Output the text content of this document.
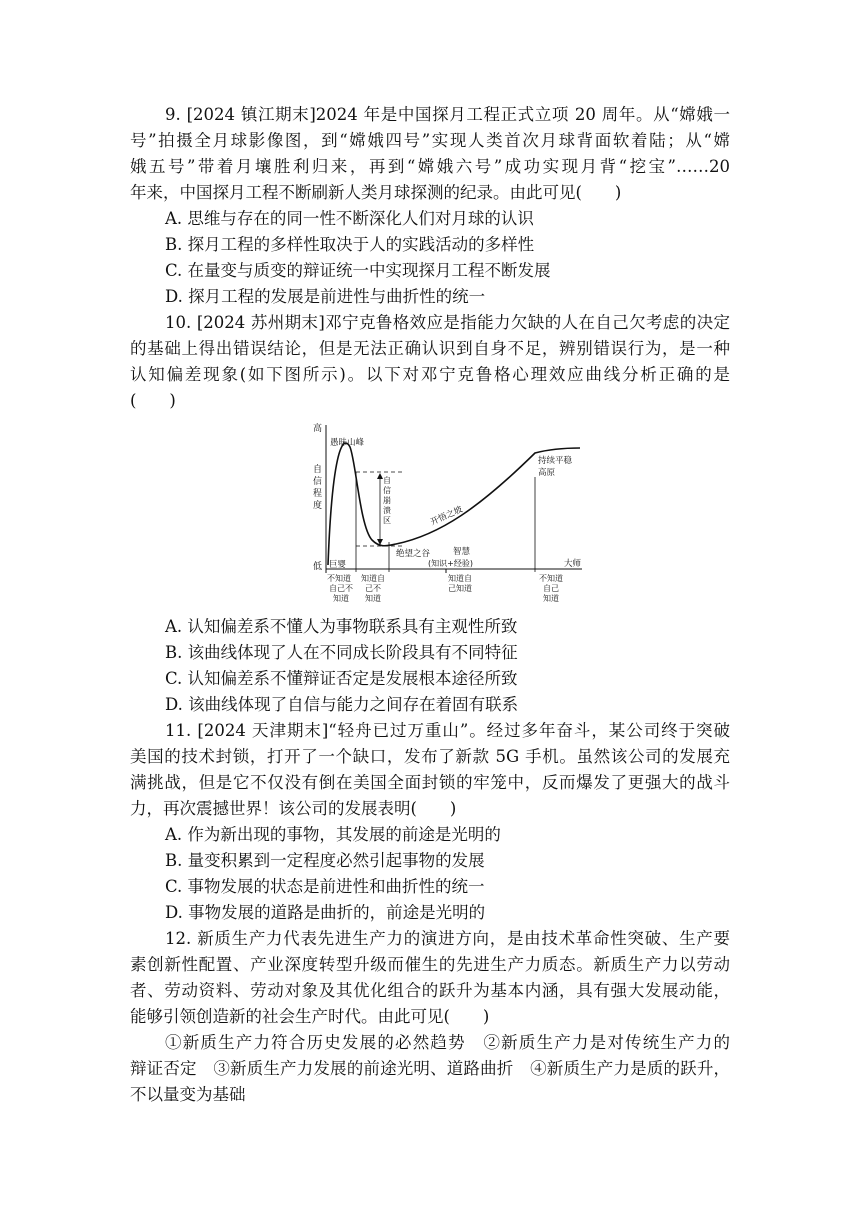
9. [2024 镇江期末]2024 年是中国探月工程正式立项 20 周年。从“嫦娥一
号”拍摄全月球影像图，到“嫦娥四号”实现人类首次月球背面软着陆；从“嫦
娥五号”带着月壤胜利归来，再到“嫦娥六号”成功实现月背“挖宝”……20
年来，中国探月工程不断刷新人类月球探测的纪录。由此可见(　　)
A. 思维与存在的同一性不断深化人们对月球的认识
B. 探月工程的多样性取决于人的实践活动的多样性
C. 在量变与质变的辩证统一中实现探月工程不断发展
D. 探月工程的发展是前进性与曲折性的统一
10. [2024 苏州期末]邓宁克鲁格效应是指能力欠缺的人在自己欠考虑的决定
的基础上得出错误结论，但是无法正确认识到自身不足，辨别错误行为，是一种
认知偏差现象(如下图所示)。以下对邓宁克鲁格心理效应曲线分析正确的是
(　　)
高
低
自
信
程
度
愚昧山峰
自
信
崩
溃
区
绝望之谷
开悟之坡
持续平稳
高原
巨婴
智慧
(知识+经验)	大师
不知道
自己不
知道
知道自
己不
知道
知道自
己知道
不知道
自己
知道
A. 认知偏差系不懂人为事物联系具有主观性所致
B. 该曲线体现了人在不同成长阶段具有不同特征
C. 认知偏差系不懂辩证否定是发展根本途径所致
D. 该曲线体现了自信与能力之间存在着固有联系
11. [2024 天津期末]“轻舟已过万重山”。经过多年奋斗，某公司终于突破
美国的技术封锁，打开了一个缺口，发布了新款 5G 手机。虽然该公司的发展充
满挑战，但是它不仅没有倒在美国全面封锁的牢笼中，反而爆发了更强大的战斗
力，再次震撼世界！该公司的发展表明(　　)
A. 作为新出现的事物，其发展的前途是光明的
B. 量变积累到一定程度必然引起事物的发展
C. 事物发展的状态是前进性和曲折性的统一
D. 事物发展的道路是曲折的，前途是光明的
12. 新质生产力代表先进生产力的演进方向，是由技术革命性突破、生产要
素创新性配置、产业深度转型升级而催生的先进生产力质态。新质生产力以劳动
者、劳动资料、劳动对象及其优化组合的跃升为基本内涵，具有强大发展动能，
能够引领创造新的社会生产时代。由此可见(　　)
①新质生产力符合历史发展的必然趋势　②新质生产力是对传统生产力的
辩证否定　③新质生产力发展的前途光明、道路曲折　④新质生产力是质的跃升，
不以量变为基础
